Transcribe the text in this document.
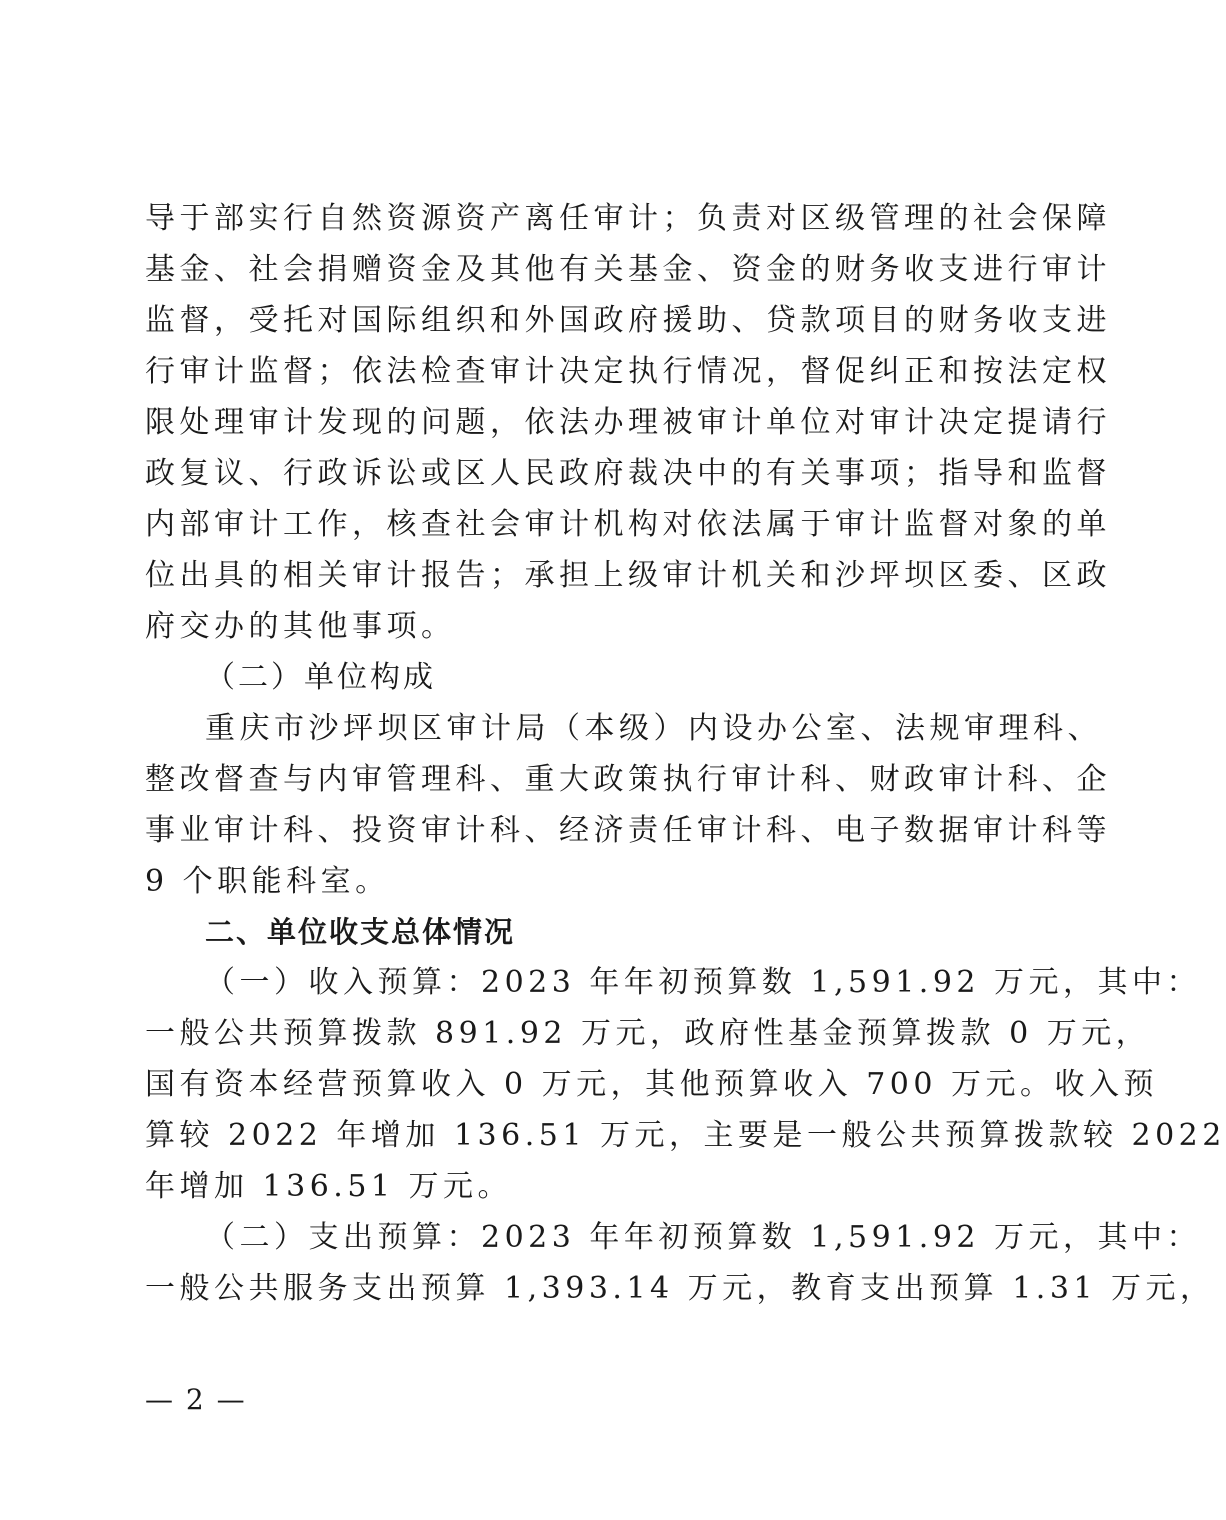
导于部实行自然资源资产离任审计；负责对区级管理的社会保障
基金、社会捐赠资金及其他有关基金、资金的财务收支进行审计
监督，受托对国际组织和外国政府援助、贷款项目的财务收支进
行审计监督；依法检查审计决定执行情况，督促纠正和按法定权
限处理审计发现的问题，依法办理被审计单位对审计决定提请行
政复议、行政诉讼或区人民政府裁决中的有关事项；指导和监督
内部审计工作，核查社会审计机构对依法属于审计监督对象的单
位出具的相关审计报告；承担上级审计机关和沙坪坝区委、区政
府交办的其他事项。
（二）单位构成
重庆市沙坪坝区审计局（本级）内设办公室、法规审理科、
整改督查与内审管理科、重大政策执行审计科、财政审计科、企
事业审计科、投资审计科、经济责任审计科、电子数据审计科等
9 个职能科室。
二、单位收支总体情况
（一）收入预算：2023 年年初预算数 1,591.92 万元，其中：
一般公共预算拨款 891.92 万元，政府性基金预算拨款 0 万元，
国有资本经营预算收入 0 万元，其他预算收入 700 万元。收入预
算较 2022 年增加 136.51 万元，主要是一般公共预算拨款较 2022
年增加 136.51 万元。
（二）支出预算：2023 年年初预算数 1,591.92 万元，其中：
一般公共服务支出预算 1,393.14 万元，教育支出预算 1.31 万元，
— 2 —
